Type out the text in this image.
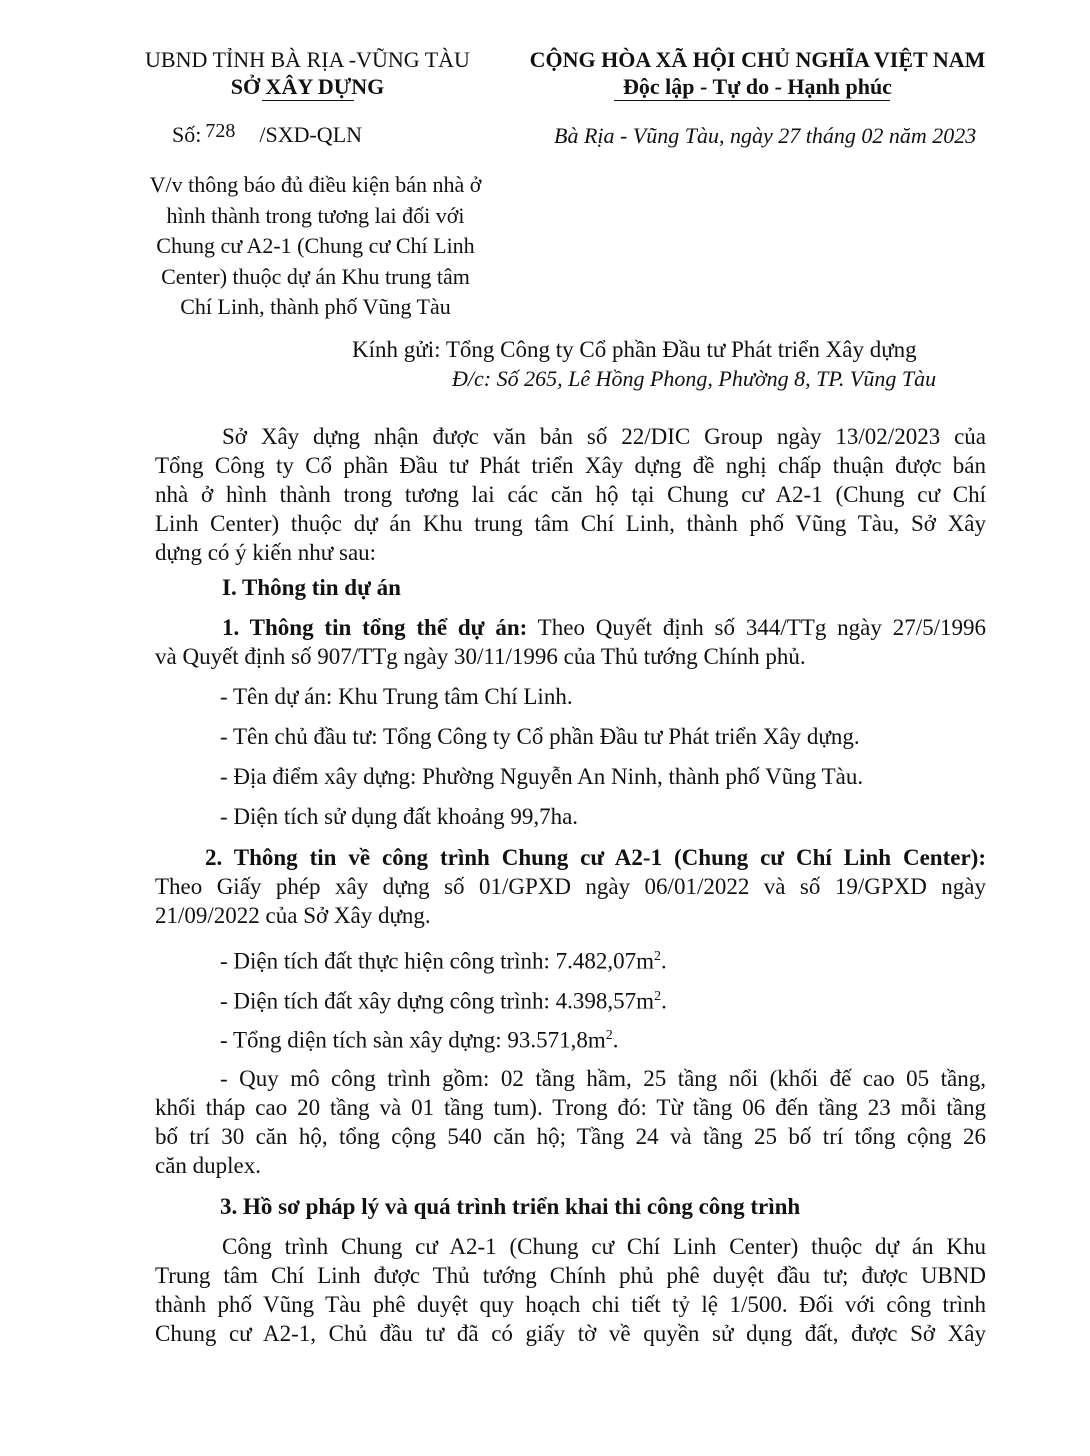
UBND TỈNH BÀ RỊA -VŨNG TÀU
SỞ XÂY DỰNG
CỘNG HÒA XÃ HỘI CHỦ NGHĨA VIỆT NAM
Độc lập - Tự do - Hạnh phúc
Số: 728 /SXD-QLN	Bà Rịa - Vũng Tàu, ngày 27 tháng 02 năm 2023
V/v thông báo đủ điều kiện bán nhà ở
hình thành trong tương lai đối với
Chung cư A2-1 (Chung cư Chí Linh
Center) thuộc dự án Khu trung tâm
Chí Linh, thành phố Vũng Tàu
Kính gửi: Tổng Công ty Cổ phần Đầu tư Phát triển Xây dựng
Đ/c: Số 265, Lê Hồng Phong, Phường 8, TP. Vũng Tàu
Sở Xây dựng nhận được văn bản số 22/DIC Group ngày 13/02/2023 của
Tổng Công ty Cổ phần Đầu tư Phát triển Xây dựng đề nghị chấp thuận được bán
nhà ở hình thành trong tương lai các căn hộ tại Chung cư A2-1 (Chung cư Chí
Linh Center) thuộc dự án Khu trung tâm Chí Linh, thành phố Vũng Tàu, Sở Xây
dựng có ý kiến như sau:
I. Thông tin dự án
1. Thông tin tổng thể dự án: Theo Quyết định số 344/TTg ngày 27/5/1996
và Quyết định số 907/TTg ngày 30/11/1996 của Thủ tướng Chính phủ.
- Tên dự án: Khu Trung tâm Chí Linh.
- Tên chủ đầu tư: Tổng Công ty Cổ phần Đầu tư Phát triển Xây dựng.
- Địa điểm xây dựng: Phường Nguyễn An Ninh, thành phố Vũng Tàu.
- Diện tích sử dụng đất khoảng 99,7ha.
2. Thông tin về công trình Chung cư A2-1 (Chung cư Chí Linh Center):
Theo Giấy phép xây dựng số 01/GPXD ngày 06/01/2022 và số 19/GPXD ngày
21/09/2022 của Sở Xây dựng.
- Diện tích đất thực hiện công trình: $7.482,07m^2$.
- Diện tích đất xây dựng công trình: $4.398,57m^2$.
- Tổng diện tích sàn xây dựng: $93.571,8m^2$.
- Quy mô công trình gồm: 02 tầng hầm, 25 tầng nổi (khối đế cao 05 tầng,
khối tháp cao 20 tầng và 01 tầng tum). Trong đó: Từ tầng 06 đến tầng 23 mỗi tầng
bố trí 30 căn hộ, tổng cộng 540 căn hộ; Tầng 24 và tầng 25 bố trí tổng cộng 26
căn duplex.
3. Hồ sơ pháp lý và quá trình triển khai thi công công trình
Công trình Chung cư A2-1 (Chung cư Chí Linh Center) thuộc dự án Khu
Trung tâm Chí Linh được Thủ tướng Chính phủ phê duyệt đầu tư; được UBND
thành phố Vũng Tàu phê duyệt quy hoạch chi tiết tỷ lệ 1/500. Đối với công trình
Chung cư A2-1, Chủ đầu tư đã có giấy tờ về quyền sử dụng đất, được Sở Xây
